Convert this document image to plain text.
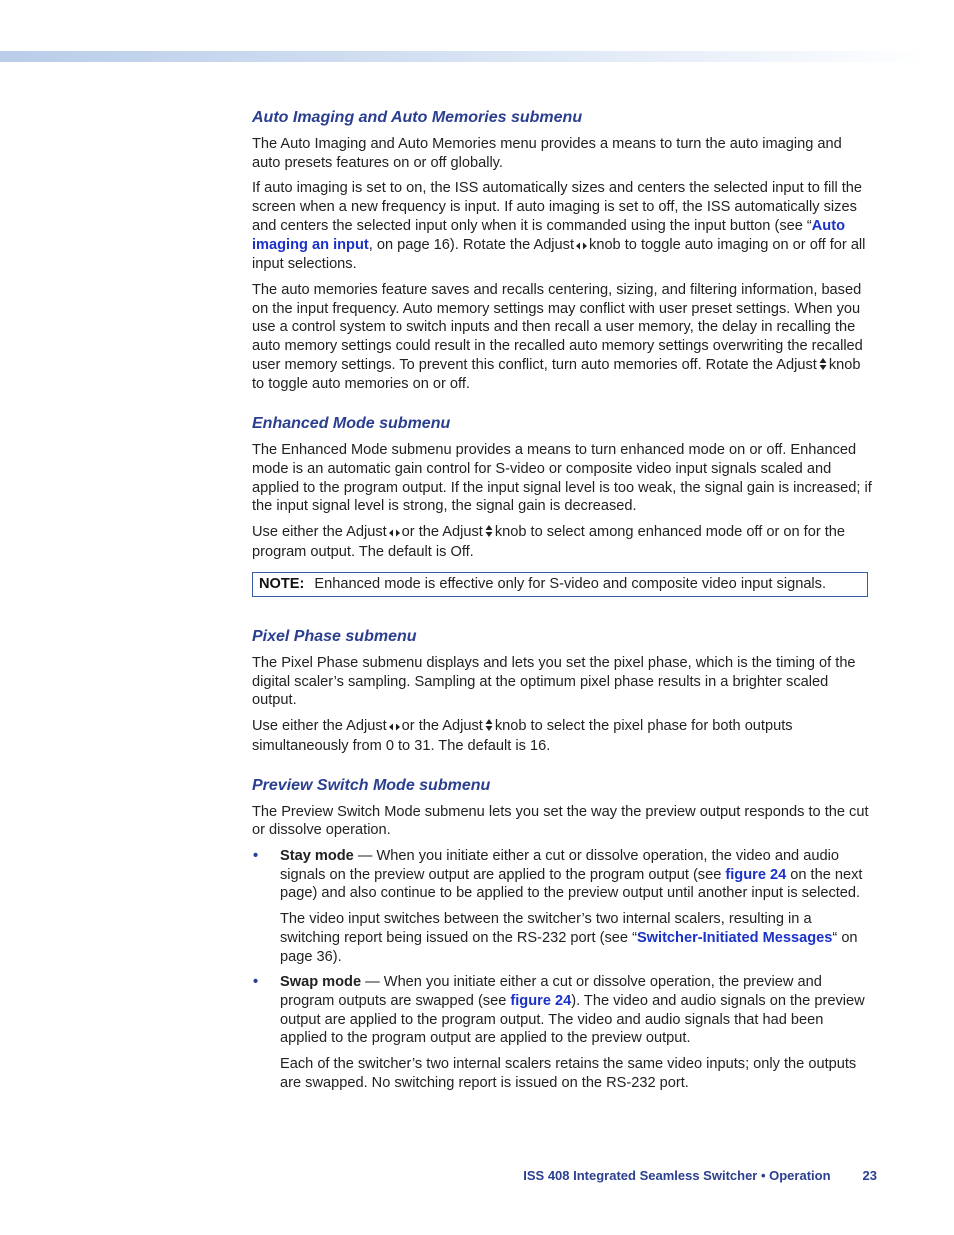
Auto Imaging and Auto Memories submenu

The Auto Imaging and Auto Memories menu provides a means to turn the auto imaging and auto presets features on or off globally.

If auto imaging is set to on, the ISS automatically sizes and centers the selected input to fill the screen when a new frequency is input. If auto imaging is set to off, the ISS automatically sizes and centers the selected input only when it is commanded using the input button (see “Auto imaging an input, on page 16). Rotate the Adjust knob to toggle auto imaging on or off for all input selections.

The auto memories feature saves and recalls centering, sizing, and filtering information, based on the input frequency. Auto memory settings may conflict with user preset settings. When you use a control system to switch inputs and then recall a user memory, the delay in recalling the auto memory settings could result in the recalled auto memory settings overwriting the recalled user memory settings. To prevent this conflict, turn auto memories off. Rotate the Adjust knob to toggle auto memories on or off.

Enhanced Mode submenu

The Enhanced Mode submenu provides a means to turn enhanced mode on or off. Enhanced mode is an automatic gain control for S-video or composite video input signals scaled and applied to the program output. If the input signal level is too weak, the signal gain is increased; if the input signal level is strong, the signal gain is decreased.

Use either the Adjust or the Adjust knob to select among enhanced mode off or on for the program output. The default is Off.

NOTE: Enhanced mode is effective only for S-video and composite video input signals.
Pixel Phase submenu

The Pixel Phase submenu displays and lets you set the pixel phase, which is the timing of the digital scaler’s sampling. Sampling at the optimum pixel phase results in a brighter scaled output.

Use either the Adjust or the Adjust knob to select the pixel phase for both outputs simultaneously from 0 to 31. The default is 16.

Preview Switch Mode submenu

The Preview Switch Mode submenu lets you set the way the preview output responds to the cut or dissolve operation.

• Stay mode — When you initiate either a cut or dissolve operation, the video and audio signals on the preview output are applied to the program output (see figure 24 on the next page) and also continue to be applied to the preview output until another input is selected.

The video input switches between the switcher’s two internal scalers, resulting in a switching report being issued on the RS-232 port (see “Switcher-Initiated Messages“ on page 36).

• Swap mode — When you initiate either a cut or dissolve operation, the preview and program outputs are swapped (see figure 24). The video and audio signals on the preview output are applied to the program output. The video and audio signals that had been applied to the program output are applied to the preview output.

Each of the switcher’s two internal scalers retains the same video inputs; only the outputs are swapped. No switching report is issued on the RS-232 port.

ISS 408 Integrated Seamless Switcher • Operation 23
